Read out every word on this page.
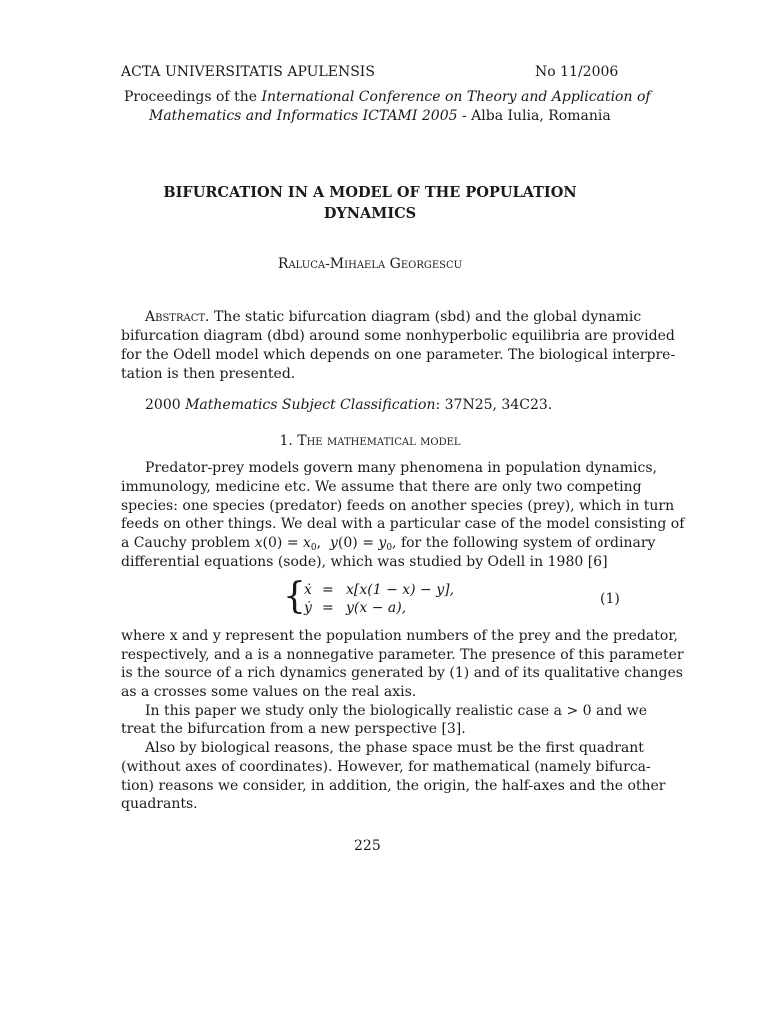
ACTA UNIVERSITATIS APULENSIS	No 11/2006
Proceedings of the International Conference on Theory and Application of
Mathematics and Informatics ICTAMI 2005 - Alba Iulia, Romania
BIFURCATION IN A MODEL OF THE POPULATION
DYNAMICS
Raluca-Mihaela Georgescu
Abstract. The static bifurcation diagram (sbd) and the global dynamic
bifurcation diagram (dbd) around some nonhyperbolic equilibria are provided
for the Odell model which depends on one parameter. The biological interpre-
tation is then presented.
2000 Mathematics Subject Classification: 37N25, 34C23.
1. The mathematical model
Predator-prey models govern many phenomena in population dynamics,
immunology, medicine etc. We assume that there are only two competing
species: one species (predator) feeds on another species (prey), which in turn
feeds on other things. We deal with a particular case of the model consisting of
a Cauchy problem $x(0) = x_0$,  $y(0) = y_0$, for the following system of ordinary
differential equations (sode), which was studied by Odell in 1980 [6]
{
ẋ = x[x(1 − x) − y],
ẏ = y(x − a),
(1)
where x and y represent the population numbers of the prey and the predator,
respectively, and a is a nonnegative parameter. The presence of this parameter
is the source of a rich dynamics generated by (1) and of its qualitative changes
as a crosses some values on the real axis.
In this paper we study only the biologically realistic case a > 0 and we
treat the bifurcation from a new perspective [3].
Also by biological reasons, the phase space must be the first quadrant
(without axes of coordinates). However, for mathematical (namely bifurca-
tion) reasons we consider, in addition, the origin, the half-axes and the other
quadrants.
225
